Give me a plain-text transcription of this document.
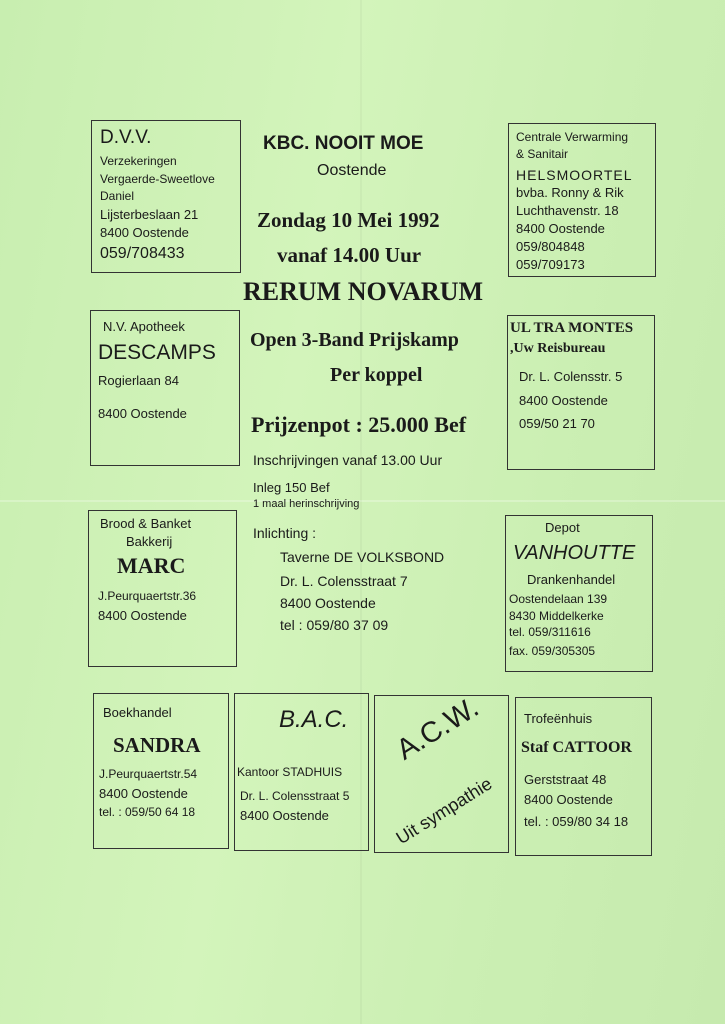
D.V.V.
Verzekeringen
Vergaerde-Sweetlove
Daniel
Lijsterbeslaan 21
8400 Oostende
059/708433
KBC. NOOIT MOE
Oostende
Zondag 10 Mei 1992
vanaf 14.00 Uur
RERUM NOVARUM
Centrale Verwarming
& Sanitair
HELSMOORTEL
bvba. Ronny & Rik
Luchthavenstr. 18
8400 Oostende
059/804848
059/709173
N.V. Apotheek
DESCAMPS
Rogierlaan 84
8400 Oostende
Open 3-Band Prijskamp
Per koppel
Prijzenpot : 25.000 Bef
Inschrijvingen vanaf 13.00 Uur
Inleg 150 Bef
1 maal herinschrijving
Inlichting :
Taverne DE VOLKSBOND
Dr. L. Colensstraat 7
8400 Oostende
tel : 059/80 37 09
UL TRA MONTES
,Uw Reisbureau
Dr. L. Colensstr. 5
8400 Oostende
059/50 21 70
Brood & Banket
Bakkerij
MARC
J.Peurquaertstr.36
8400 Oostende
Depot
VANHOUTTE
Drankenhandel
Oostendelaan 139
8430 Middelkerke
tel. 059/311616
fax. 059/305305
Boekhandel
SANDRA
J.Peurquaertstr.54
8400 Oostende
tel. : 059/50 64 18
B.A.C.
Kantoor STADHUIS
Dr. L. Colensstraat 5
8400 Oostende
A.C.W.
Uit sympathie
Trofeënhuis
Staf CATTOOR
Gerststraat 48
8400 Oostende
tel. : 059/80 34 18
